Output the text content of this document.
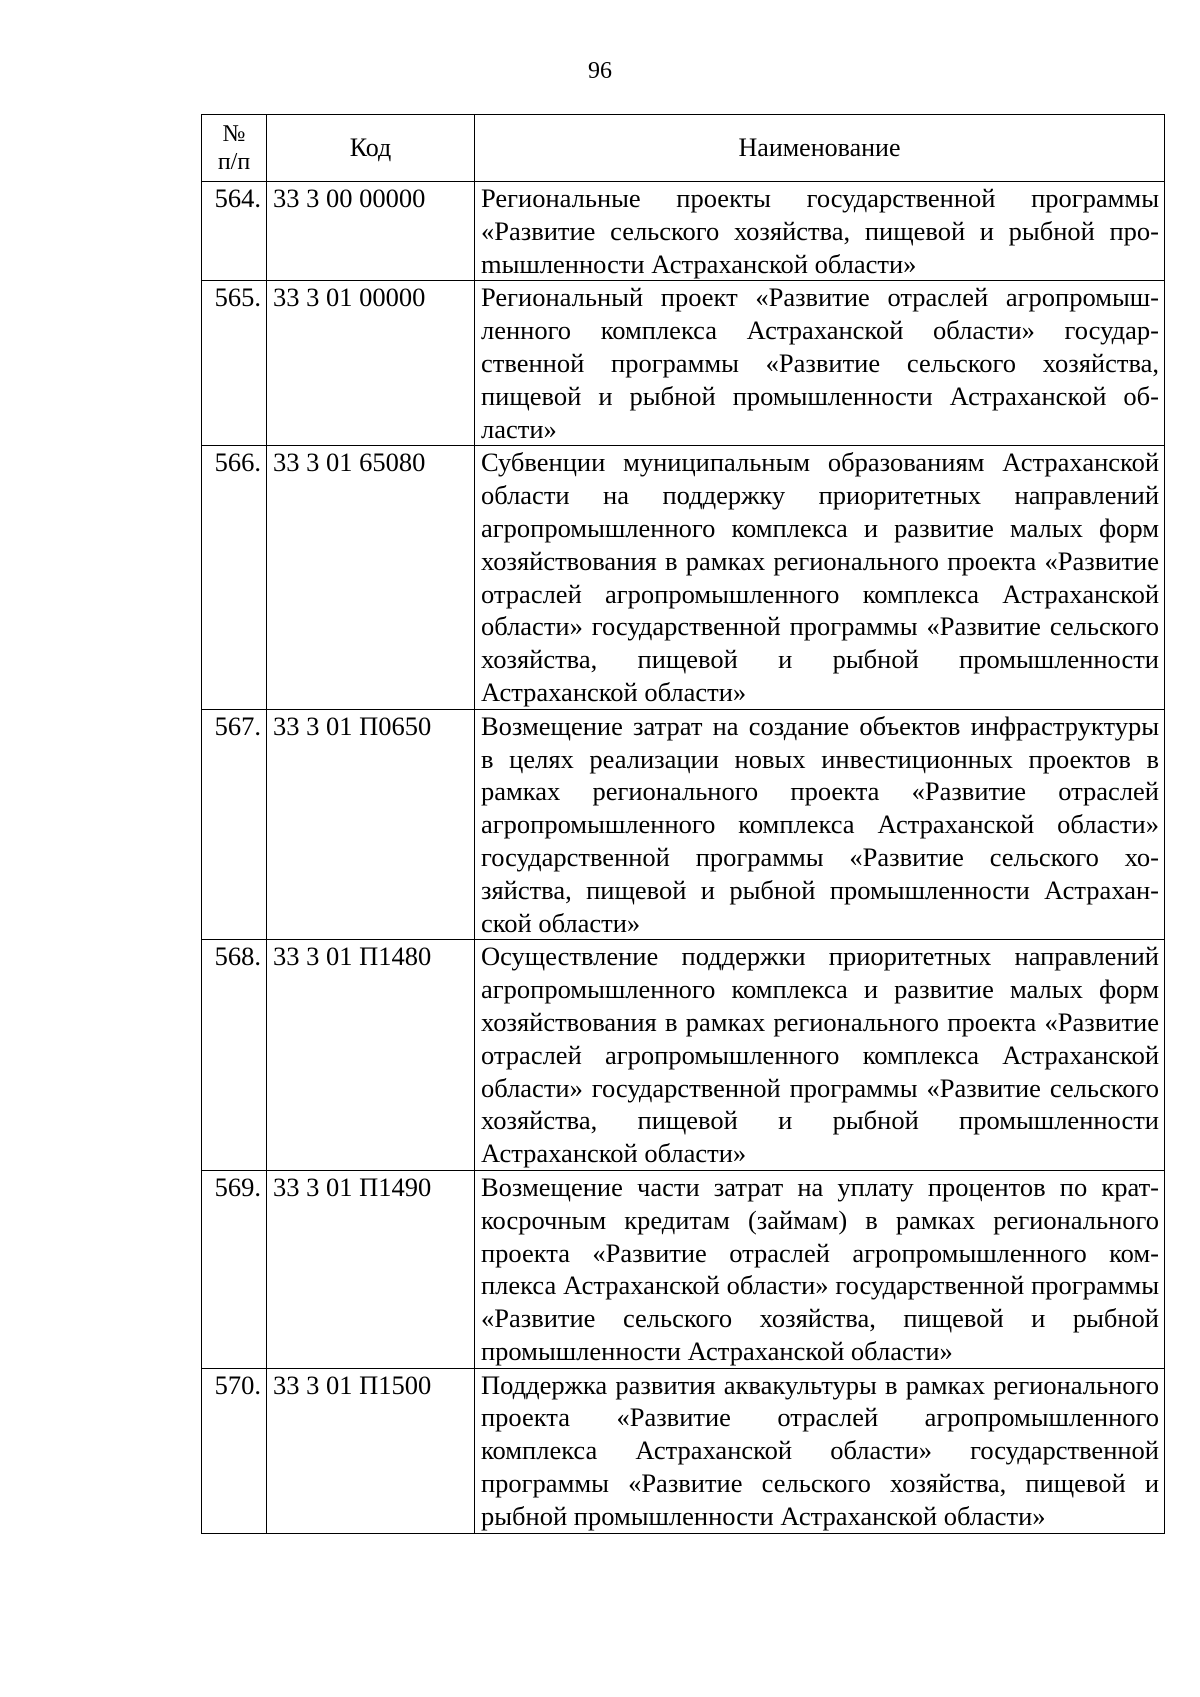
96
№
п/п	Код	Наименование
564.	33 3 00 00000	Региональные проекты государственной программы «Развитие сельского хозяйства, пищевой и рыбной проmышленности Астраханской области»
565.	33 3 01 00000	Региональный проект «Развитие отраслей агропромышленного комплекса Астраханской области» государственной программы «Развитие сельского хозяйства, пищевой и рыбной промышленности Астраханской области»
566.	33 3 01 65080	Субвенции муниципальным образованиям Астраханской области на поддержку приоритетных направлений агропромышленного комплекса и развитие малых форм хозяйствования в рамках регионального проекта «Развитие отраслей агропромышленного комплекса Астраханской области» государственной программы «Развитие сельского хозяйства, пищевой и рыбной промышленности Астраханской области»
567.	33 3 01 П0650	Возмещение затрат на создание объектов инфраструктуры в целях реализации новых инвестиционных проектов в рамках регионального проекта «Развитие отраслей агропромышленного комплекса Астраханской области» государственной программы «Развитие сельского хозяйства, пищевой и рыбной промышленности Астраханской области»
568.	33 3 01 П1480	Осуществление поддержки приоритетных направлений агропромышленного комплекса и развитие малых форм хозяйствования в рамках регионального проекта «Развитие отраслей агропромышленного комплекса Астраханской области» государственной программы «Развитие сельского хозяйства, пищевой и рыбной промышленности Астраханской области»
569.	33 3 01 П1490	Возмещение части затрат на уплату процентов по краткосрочным кредитам (займам) в рамках регионального проекта «Развитие отраслей агропромышленного комплекса Астраханской области» государственной программы «Развитие сельского хозяйства, пищевой и рыбной промышленности Астраханской области»
570.	33 3 01 П1500	Поддержка развития аквакультуры в рамках регионального проекта «Развитие отраслей агропромышленного комплекса Астраханской области» государственной программы «Развитие сельского хозяйства, пищевой и рыбной промышленности Астраханской области»
